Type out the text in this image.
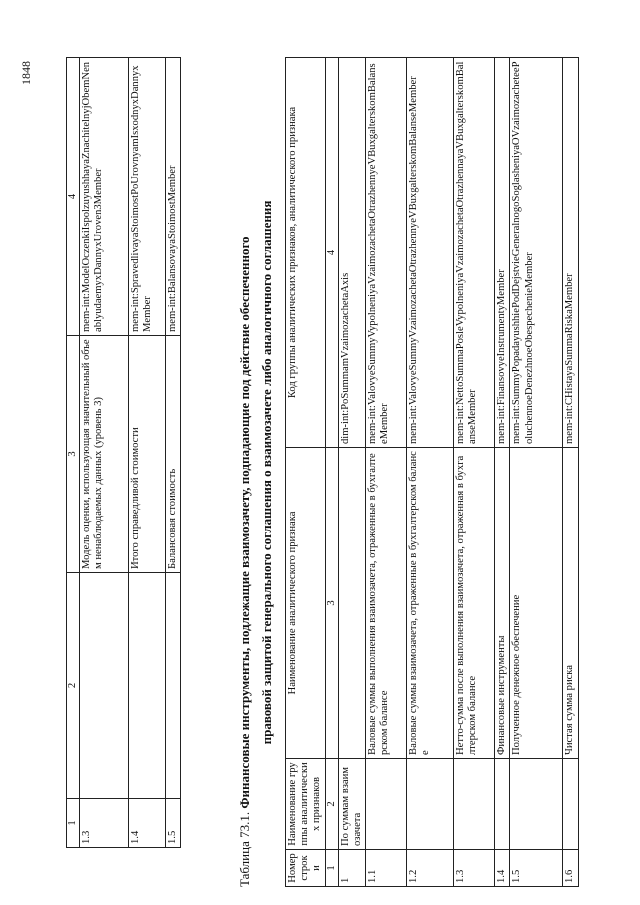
1848
1	2	3	4
1.3		Модель оценки, использующая значительный объем ненаблюдаемых данных (уровень 3)	mem-int:ModelOczenkiIspolzuyushhayaZnachitelnyjObemNenablyudaemyxDannyxUroven3Member
1.4		Итого справедливой стоимости	mem-int:SpravedlivayaStoimostPoUrovnyamIsxodnyxDannyxMember
1.5		Балансовая стоимость	mem-int:BalansovayaStoimostMember
Таблица 73.1. Финансовые инструменты, подлежащие взаимозачету, подпадающие под действие обеспеченного правовой защитой генерального соглашения о взаимозачете либо аналогичного соглашения
Номер строки	Наименование группы аналитических признаков	Наименование аналитического признака	Код группы аналитических признаков, аналитического признака
1	2	3	4
1	По суммам взаимозачета		dim-int:PoSummamVzaimozachetaAxis
1.1		Валовые суммы выполнения взаимозачета, отраженные в бухгалтерском балансе	mem-int:ValovyeSummyVypolneniyaVzaimozachetaOtrazhennyeVBuxgalterskomBalanseMember
1.2		Валовые суммы взаимозачета, отраженные в бухгалтерском балансе	mem-int:ValovyeSummyVzaimozachetaOtrazhennyeVBuxgalterskomBalanseMember
1.3		Нетто-сумма после выполнения взаимозачета, отраженная в бухгалтерском балансе	mem-int:NettoSummaPosleVypolneniyaVzaimozachetaOtrazhennayaVBuxgalterskomBalanseMember
1.4		Финансовые инструменты	mem-int:FinansovyeInstrumentyMember
1.5		Полученное денежное обеспечение	mem-int:SummyPopadayushhiePodDejstvieGeneralnogoSoglasheniyaOVzaimozacheteePoluchennoeDenezhnoeObespechenieMember
1.6		Чистая сумма риска	mem-int:CHistayaSummaRiskaMember
